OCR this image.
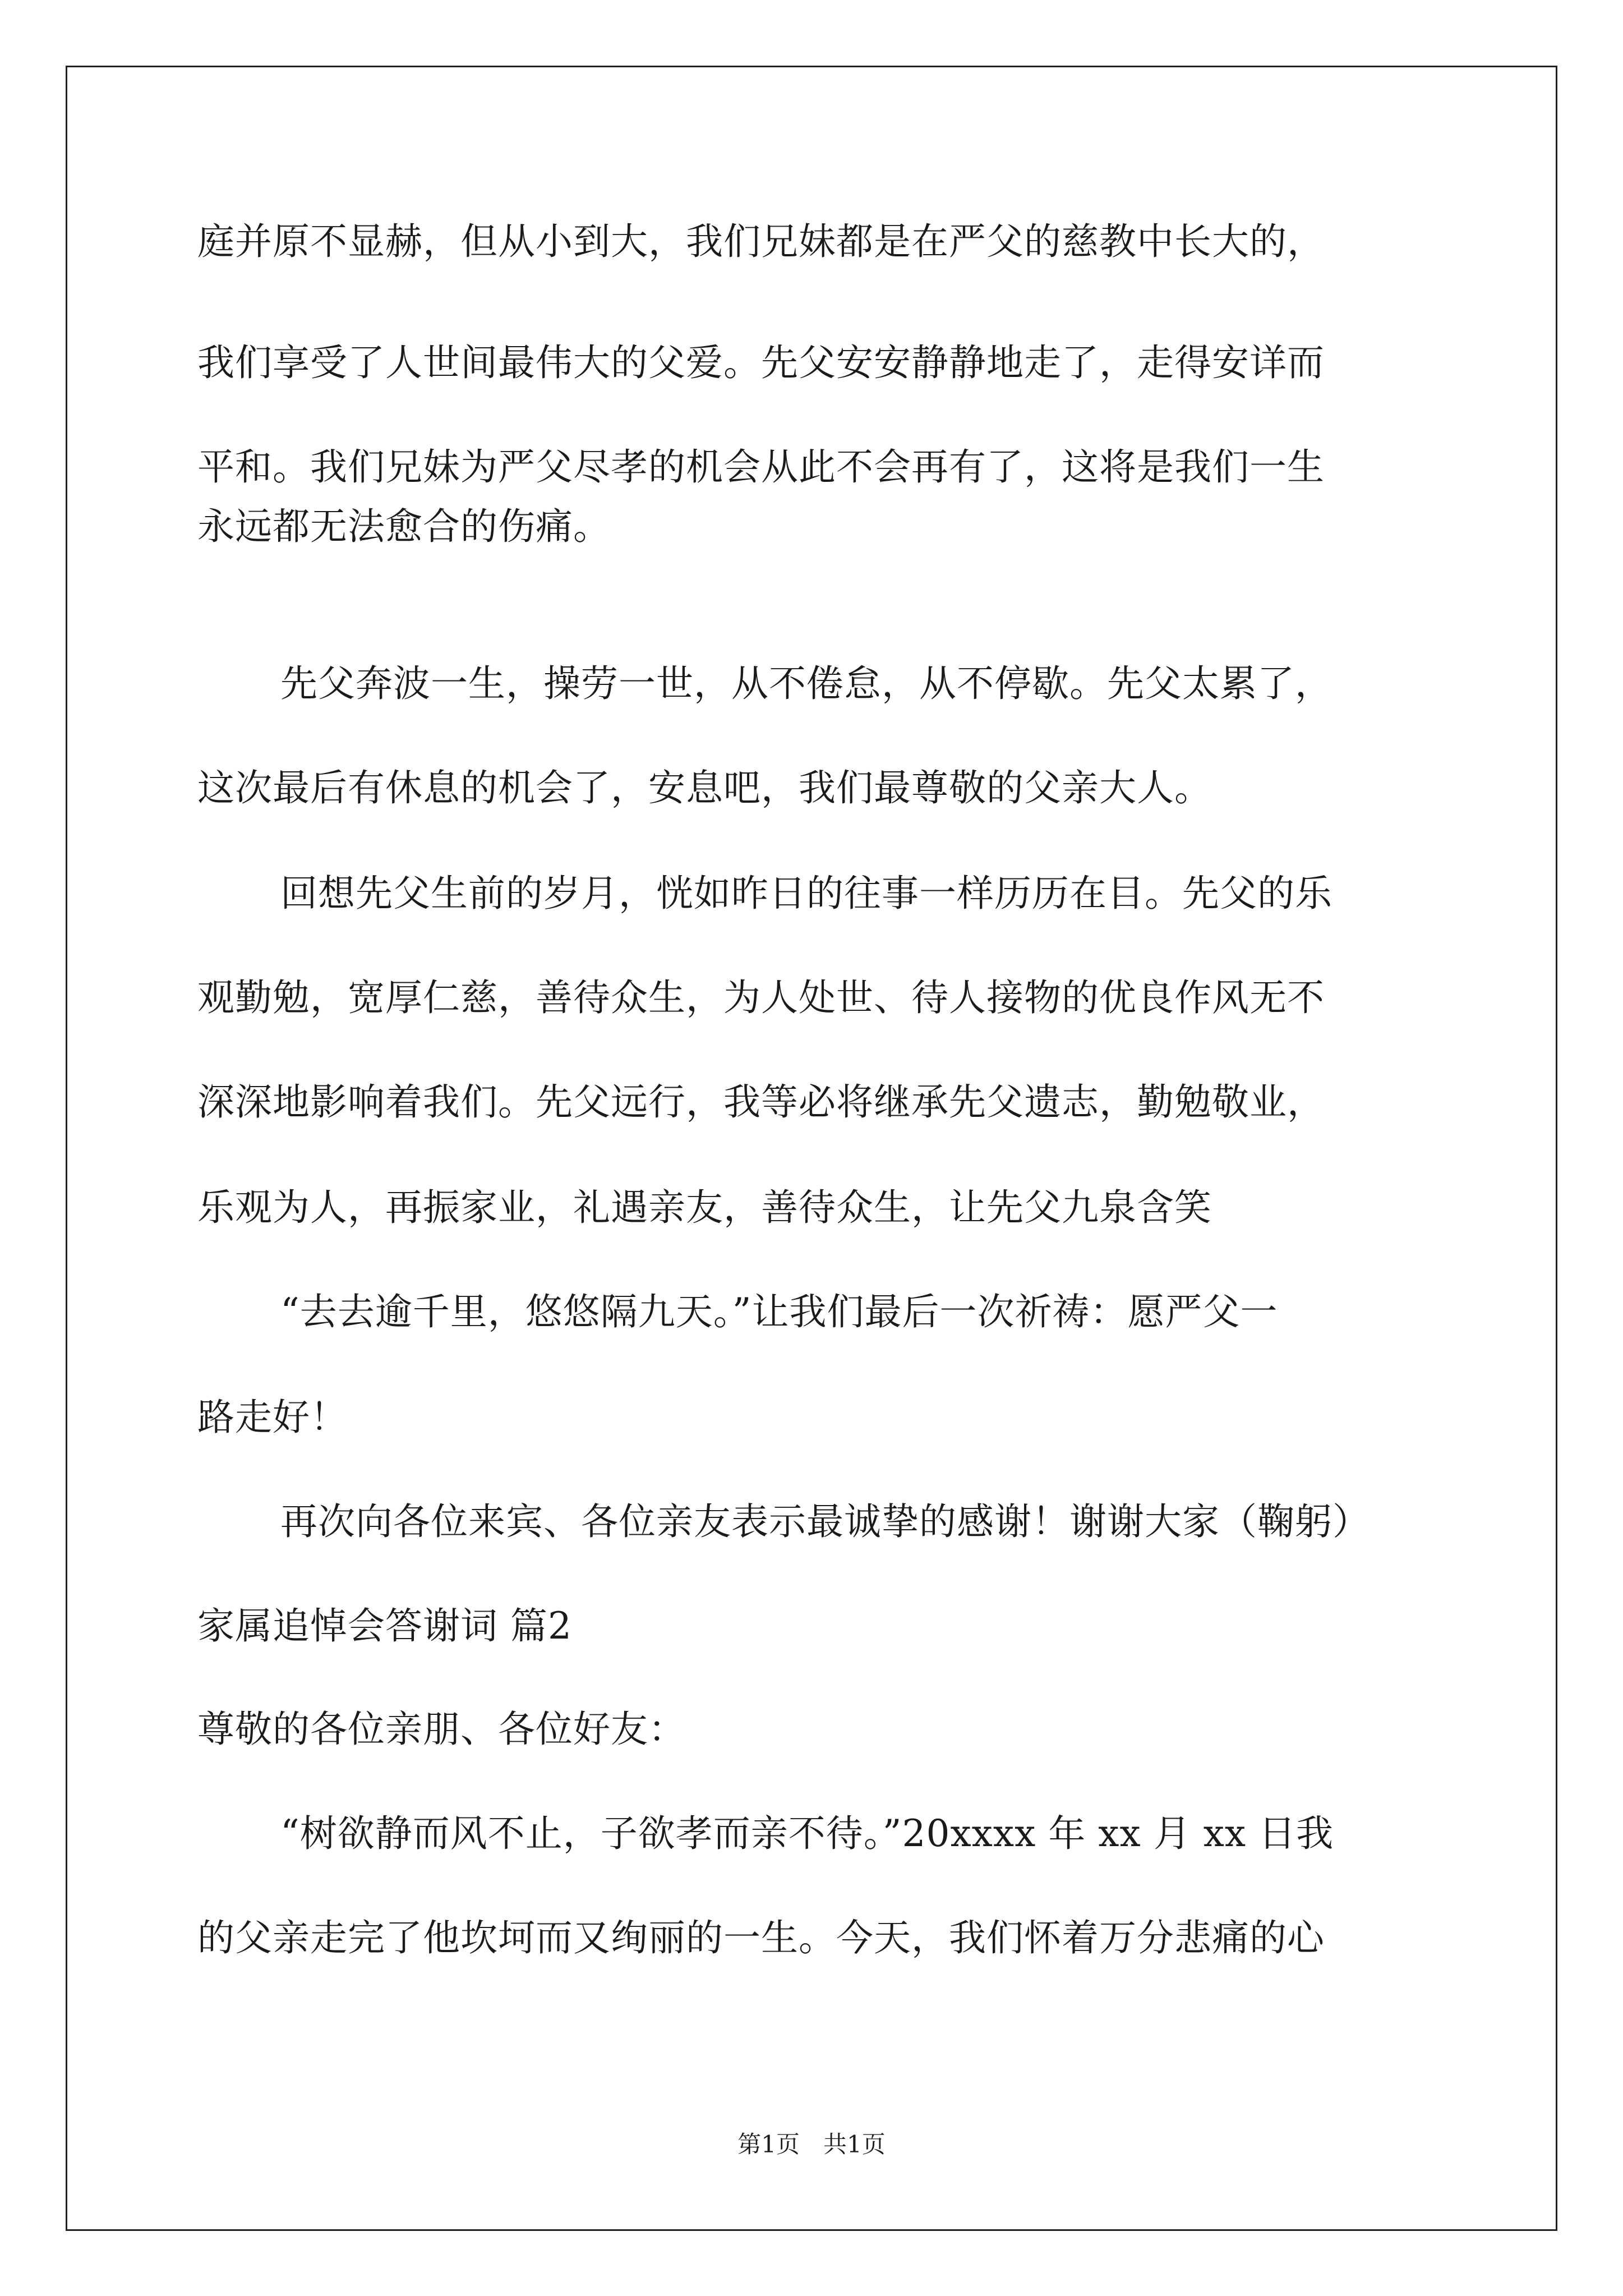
庭并原不显赫，但从小到大，我们兄妹都是在严父的慈教中长大的，
我们享受了人世间最伟大的父爱。先父安安静静地走了，走得安详而
平和。我们兄妹为严父尽孝的机会从此不会再有了，这将是我们一生
永远都无法愈合的伤痛。
先父奔波一生，操劳一世，从不倦怠，从不停歇。先父太累了，
这次最后有休息的机会了，安息吧，我们最尊敬的父亲大人。
回想先父生前的岁月，恍如昨日的往事一样历历在目。先父的乐
观勤勉，宽厚仁慈，善待众生，为人处世、待人接物的优良作风无不
深深地影响着我们。先父远行，我等必将继承先父遗志，勤勉敬业，
乐观为人，再振家业，礼遇亲友，善待众生，让先父九泉含笑
“去去逾千里，悠悠隔九天。”让我们最后一次祈祷：愿严父一
路走好！
再次向各位来宾、各位亲友表示最诚挚的感谢！谢谢大家（鞠躬）
家属追悼会答谢词 篇2
尊敬的各位亲朋、各位好友：
“树欲静而风不止，子欲孝而亲不待。”20xxxx 年 xx 月 xx 日我
的父亲走完了他坎坷而又绚丽的一生。今天，我们怀着万分悲痛的心
第1页　共1页
